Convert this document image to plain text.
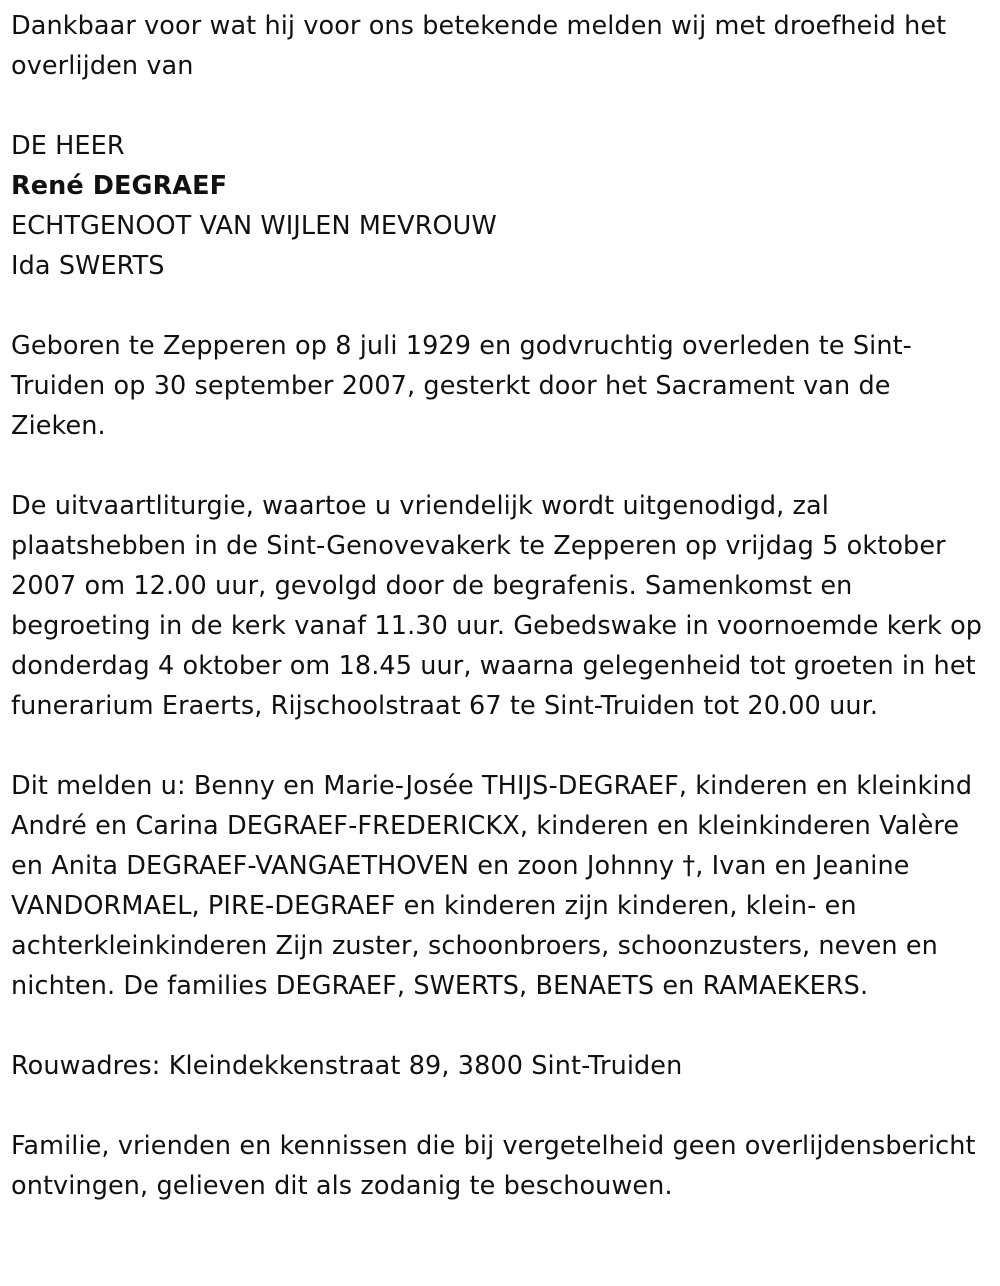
Dankbaar voor wat hij voor ons betekende melden wij met droefheid het overlijden van

DE HEER

René DEGRAEF

ECHTGENOOT VAN WIJLEN MEVROUW

Ida SWERTS

Geboren te Zepperen op 8 juli 1929 en godvruchtig overleden te Sint-Truiden op 30 september 2007, gesterkt door het Sacrament van de Zieken.

De uitvaartliturgie, waartoe u vriendelijk wordt uitgenodigd, zal plaatshebben in de Sint-Genovevakerk te Zepperen op vrijdag 5 oktober 2007 om 12.00 uur, gevolgd door de begrafenis. Samenkomst en begroeting in de kerk vanaf 11.30 uur. Gebedswake in voornoemde kerk op donderdag 4 oktober om 18.45 uur, waarna gelegenheid tot groeten in het funerarium Eraerts, Rijschoolstraat 67 te Sint-Truiden tot 20.00 uur.

Dit melden u: Benny en Marie-Josée THIJS-DEGRAEF, kinderen en kleinkind André en Carina DEGRAEF-FREDERICKX, kinderen en kleinkinderen Valère en Anita DEGRAEF-VANGAETHOVEN en zoon Johnny †, Ivan en Jeanine VANDORMAEL, PIRE-DEGRAEF en kinderen zijn kinderen, klein- en achterkleinkinderen Zijn zuster, schoonbroers, schoonzusters, neven en nichten. De families DEGRAEF, SWERTS, BENAETS en RAMAEKERS.

Rouwadres: Kleindekkenstraat 89, 3800 Sint-Truiden

Familie, vrienden en kennissen die bij vergetelheid geen overlijdensbericht ontvingen, gelieven dit als zodanig te beschouwen.
